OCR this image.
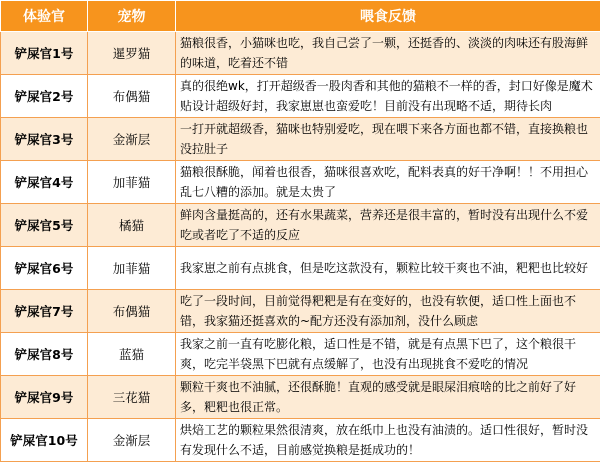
体验官	宠物	喂食反馈
铲屎官1号	暹罗猫	猫粮很香，小猫咪也吃，我自己尝了一颗，还挺香的、淡淡的肉味还有股海鲜的味道，吃着还不错
铲屎官2号	布偶猫	真的很绝wk，打开超级香一股肉香和其他的猫粮不一样的香，封口好像是魔术贴设计超级好封，我家崽崽也蛮爱吃！目前没有出现略不适，期待长肉
铲屎官3号	金渐层	一打开就超级香，猫咪也特别爱吃，现在喂下来各方面也都不错，直接换粮也没拉肚子
铲屎官4号	加菲猫	猫粮很酥脆，闻着也很香，猫咪很喜欢吃，配料表真的好干净啊！！不用担心乱七八糟的添加。就是太贵了
铲屎官5号	橘猫	鲜肉含量挺高的，还有水果蔬菜，营养还是很丰富的，暂时没有出现什么不爱吃或者吃了不适的反应
铲屎官6号	加菲猫	我家崽之前有点挑食，但是吃这款没有，颗粒比较干爽也不油，粑粑也比较好
铲屎官7号	布偶猫	吃了一段时间，目前觉得粑粑是有在变好的，也没有软便，适口性上面也不错，我家猫还挺喜欢的~配方还没有添加剂，没什么顾虑
铲屎官8号	蓝猫	我家之前一直有吃膨化粮，适口性是不错，就是有点黑下巴了，这个粮很干爽，吃完半袋黑下巴就有点缓解了，也没有出现挑食不爱吃的情况
铲屎官9号	三花猫	颗粒干爽也不油腻，还很酥脆！直观的感受就是眼屎泪痕啥的比之前好了好多，粑粑也很正常。
铲屎官10号	金渐层	烘焙工艺的颗粒果然很清爽，放在纸巾上也没有油渍的。适口性很好，暂时没有发现什么不适，目前感觉换粮是挺成功的！
